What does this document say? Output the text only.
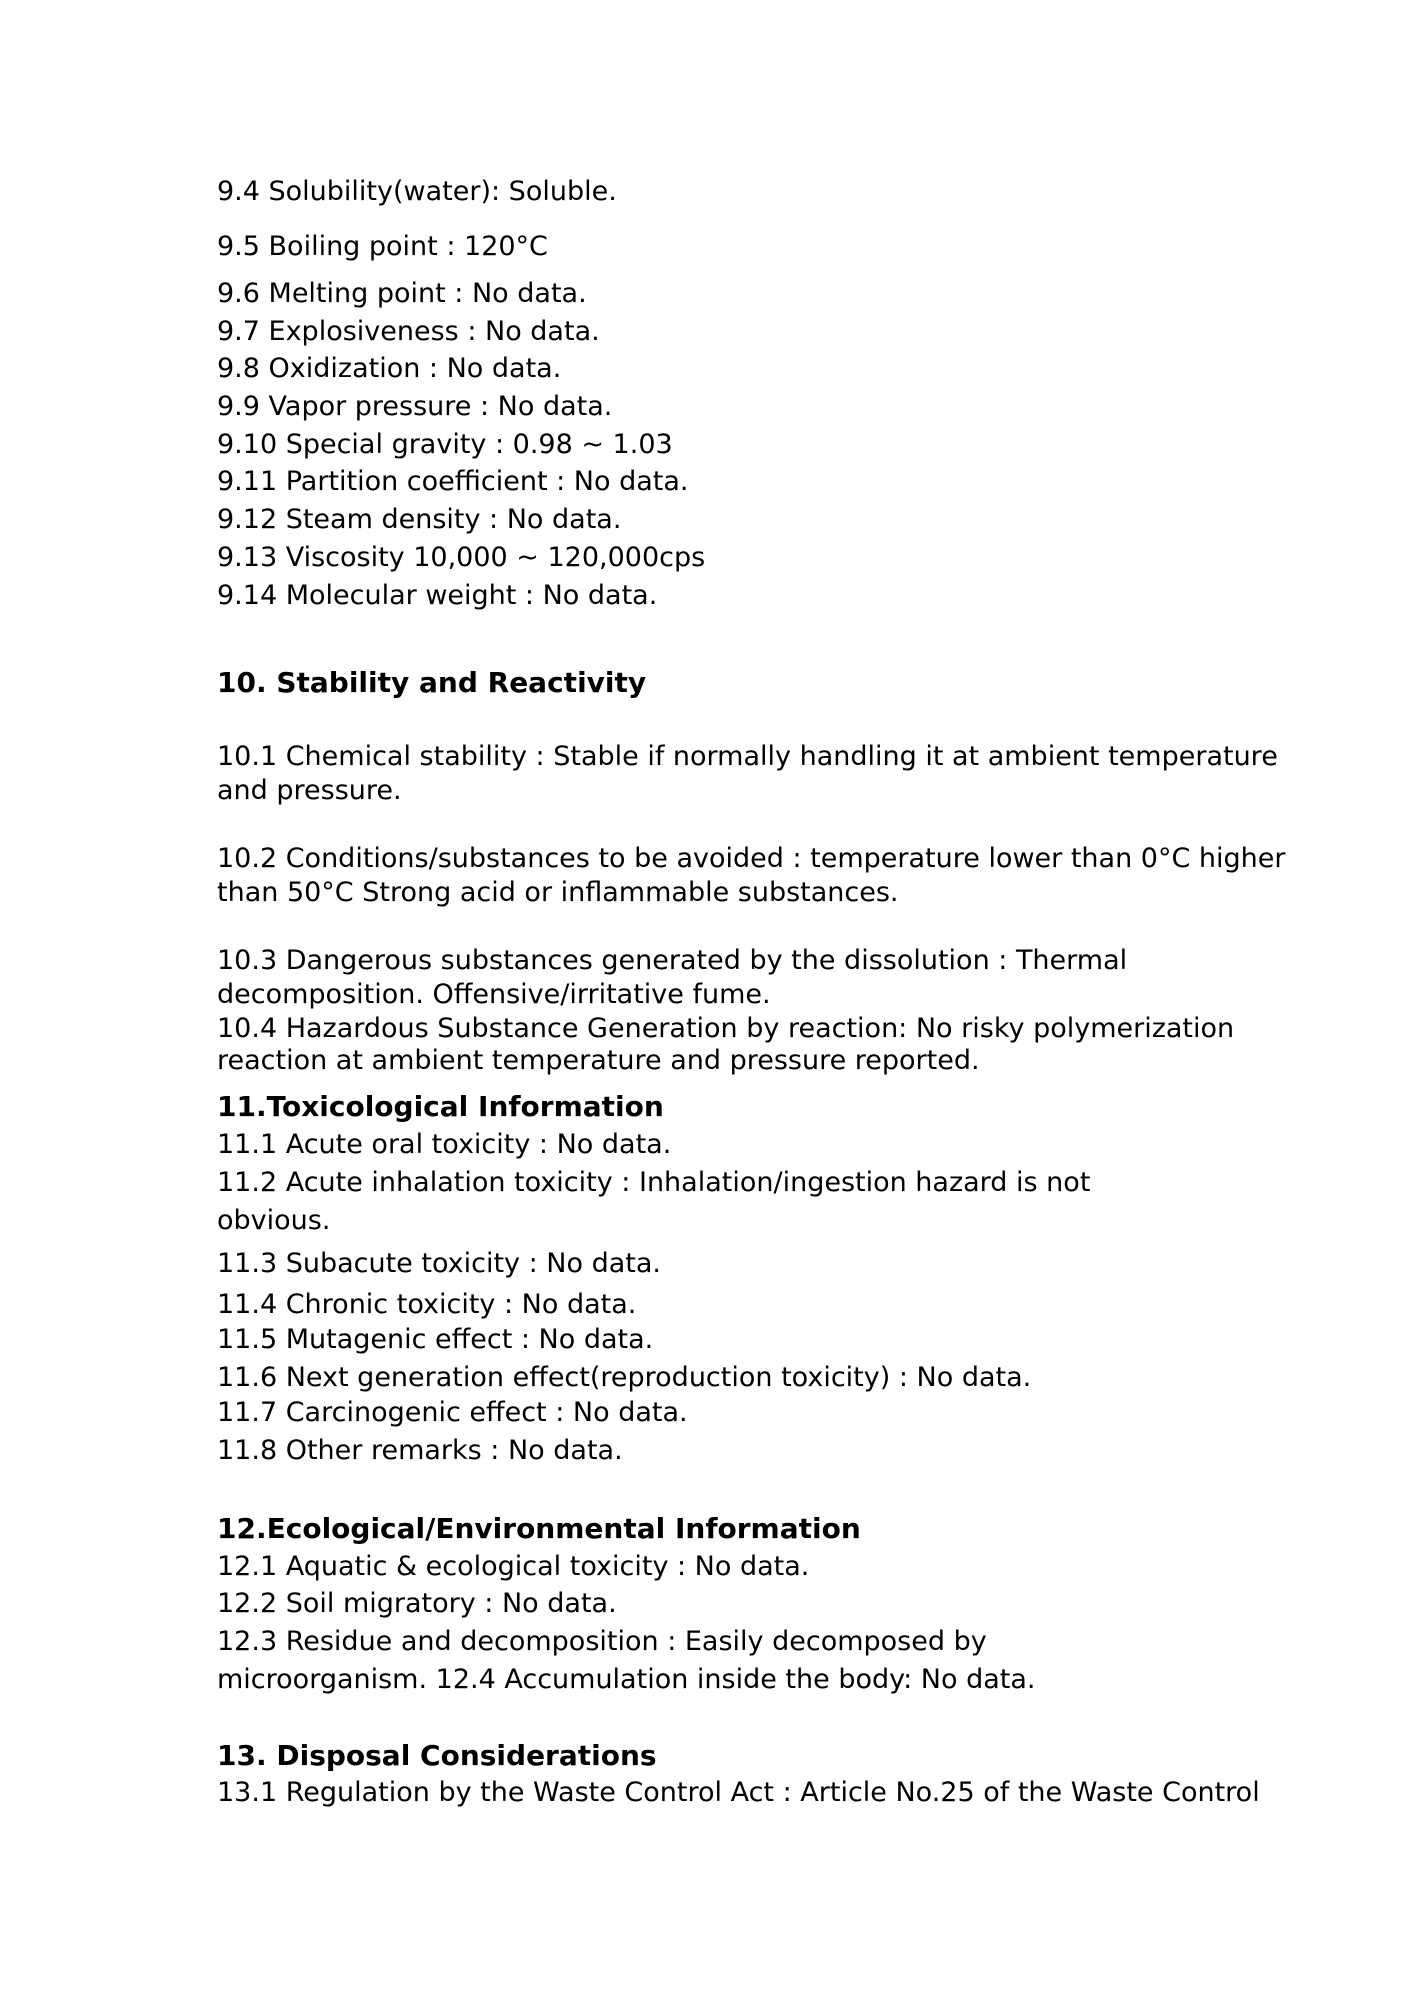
9.4 Solubility(water): Soluble.

9.5 Boiling point : 120°C

9.6 Melting point : No data.

9.7 Explosiveness : No data.

9.8 Oxidization : No data.

9.9 Vapor pressure : No data.

9.10 Special gravity : 0.98 ~ 1.03

9.11 Partition coefficient : No data.

9.12 Steam density : No data.

9.13 Viscosity 10,000 ~ 120,000cps

9.14 Molecular weight : No data.

10. Stability and Reactivity

10.1 Chemical stability : Stable if normally handling it at ambient temperature

and pressure.

10.2 Conditions/substances to be avoided : temperature lower than 0°C higher

than 50°C Strong acid or inflammable substances.

10.3 Dangerous substances generated by the dissolution : Thermal

decomposition. Offensive/irritative fume.

10.4 Hazardous Substance Generation by reaction: No risky polymerization

reaction at ambient temperature and pressure reported.

11.Toxicological Information

11.1 Acute oral toxicity : No data.

11.2 Acute inhalation toxicity : Inhalation/ingestion hazard is not

obvious.

11.3 Subacute toxicity : No data.

11.4 Chronic toxicity : No data.

11.5 Mutagenic effect : No data.

11.6 Next generation effect(reproduction toxicity) : No data.

11.7 Carcinogenic effect : No data.

11.8 Other remarks : No data.

12.Ecological/Environmental Information

12.1 Aquatic & ecological toxicity : No data.

12.2 Soil migratory : No data.

12.3 Residue and decomposition : Easily decomposed by

microorganism. 12.4 Accumulation inside the body: No data.

13. Disposal Considerations

13.1 Regulation by the Waste Control Act : Article No.25 of the Waste Control
